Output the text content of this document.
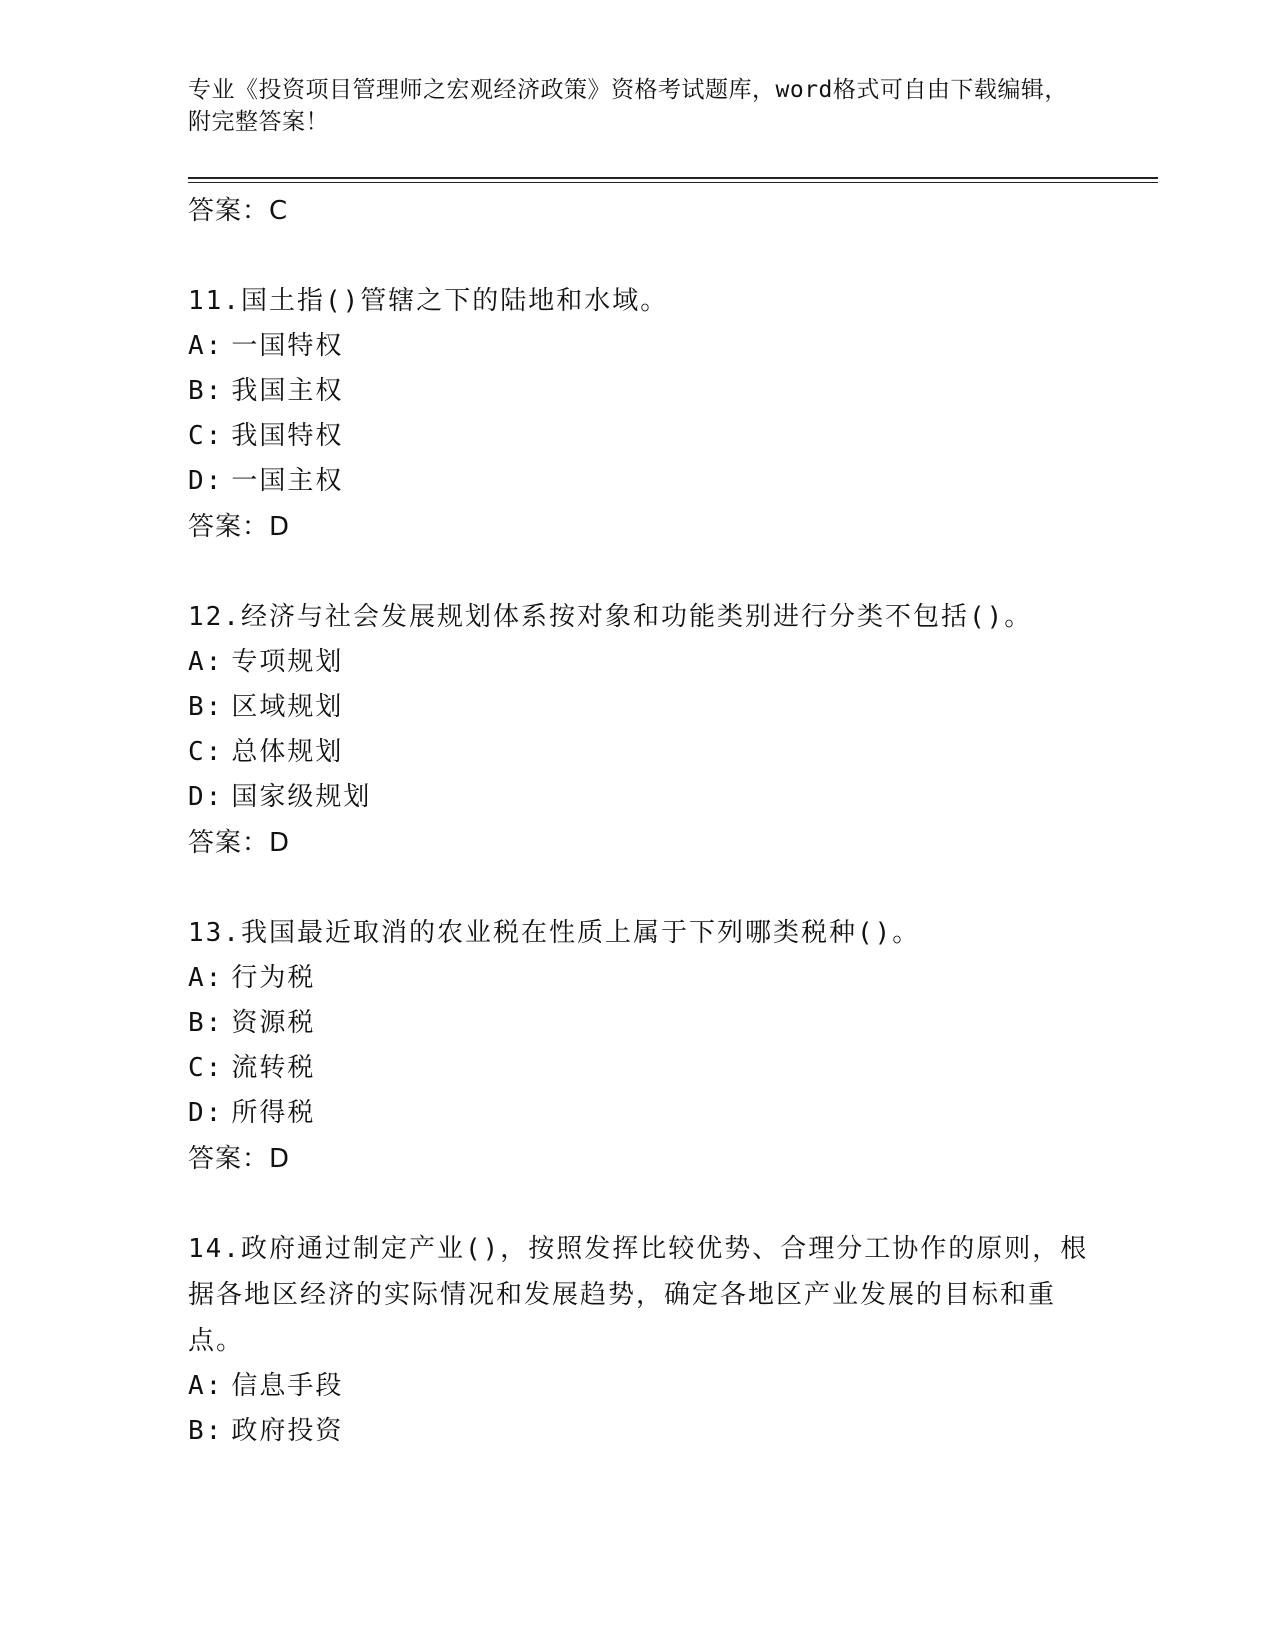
专业《投资项目管理师之宏观经济政策》资格考试题库，word格式可自由下载编辑，附完整答案！
答案：C
11.国土指()管辖之下的陆地和水域。
A: 一国特权
B: 我国主权
C: 我国特权
D: 一国主权
答案：D
12.经济与社会发展规划体系按对象和功能类别进行分类不包括()。
A: 专项规划
B: 区域规划
C: 总体规划
D: 国家级规划
答案：D
13.我国最近取消的农业税在性质上属于下列哪类税种()。
A: 行为税
B: 资源税
C: 流转税
D: 所得税
答案：D
14.政府通过制定产业()，按照发挥比较优势、合理分工协作的原则，根据各地区经济的实际情况和发展趋势，确定各地区产业发展的目标和重点。
A: 信息手段
B: 政府投资
